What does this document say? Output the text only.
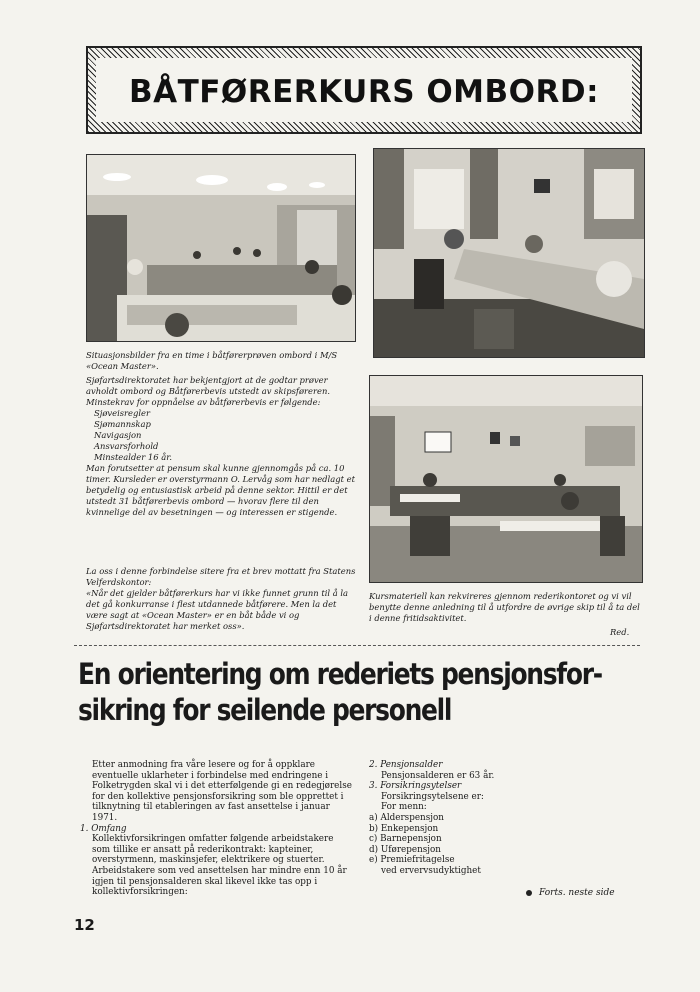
BÅTFØRERKURS OMBORD:
Situasjonsbilder fra en time i båtførerprøven ombord i M/S «Ocean Master».

Sjøfartsdirektoratet har bekjentgjort at de godtar prøver avholdt ombord og Båtførerbevis utstedt av skipsføreren. Minstekrav for oppnåelse av båtførerbevis er følgende:

Sjøveisregler

Sjømannskap

Navigasjon

Ansvarsforhold

Minstealder 16 år.

Man forutsetter at pensum skal kunne gjennomgås på ca. 10 timer. Kursleder er overstyrmann O. Lervåg som har nedlagt et betydelig og entusiastisk arbeid på denne sektor. Hittil er det utstedt 31 båtførerbevis ombord — hvorav flere til den kvinnelige del av besetningen — og interessen er stigende.

La oss i denne forbindelse sitere fra et brev mottatt fra Statens Velferdskontor:

«Når det gjelder båtførerkurs har vi ikke funnet grunn til å la det gå konkurranse i flest utdannede båtførere. Men la det være sagt at «Ocean Master» er en båt både vi og Sjøfartsdirektoratet har merket oss».

Kursmateriell kan rekvireres gjennom rederikontoret og vi vil benytte denne anledning til å utfordre de øvrige skip til å ta del i denne fritidsaktivitet.
Red.
En orientering om rederiets pensjonsfor-
sikring for seilende personell

Etter anmodning fra våre lesere og for å oppklare eventuelle uklarheter i forbindelse med endringene i Folketrygden skal vi i det etterfølgende gi en redegjørelse for den kollektive pensjonsforsikring som ble opprettet i tilknytning til etableringen av fast ansettelse i januar 1971.

1. Omfang

Kollektivforsikringen omfatter følgende arbeidstakere som tillike er ansatt på rederikontrakt: kapteiner, overstyrmenn, maskinsjefer, elektrikere og stuerter.

Arbeidstakere som ved ansettelsen har mindre enn 10 år igjen til pensjonsalderen skal likevel ikke tas opp i kollektivforsikringen:

2. Pensjonsalder

Pensjonsalderen er 63 år.

3. Forsikringsytelser

Forsikringsytelsene er:

For menn:

a) Alderspensjon

b) Enkepensjon

c) Barnepensjon

d) Uførepensjon

e) Premiefritagelse

ved ervervsudyktighet

Forts. neste side
12
